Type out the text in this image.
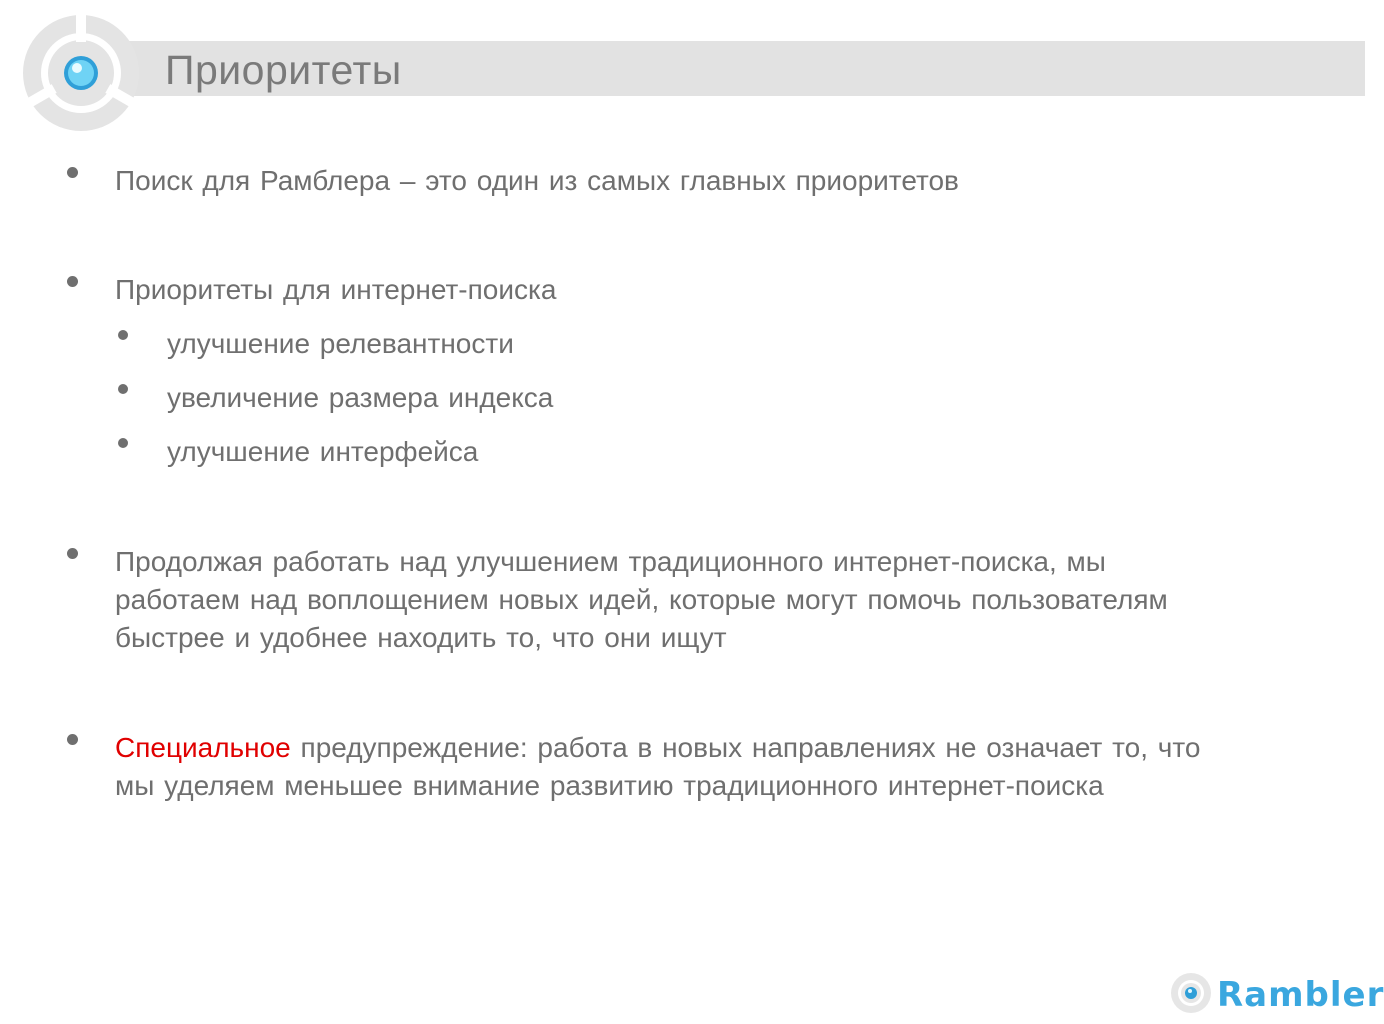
Приоритеты
Поиск для Рамблера – это один из самых главных приоритетов
Приоритеты для интернет-поиска
улучшение релевантности
увеличение размера индекса
улучшение интерфейса
Продолжая работать над улучшением традиционного интернет-поиска, мы
работаем над воплощением новых идей, которые могут помочь пользователям
быстрее и удобнее находить то, что они ищут
Специальное предупреждение: работа в новых направлениях не означает то, что
мы уделяем меньшее внимание развитию традиционного интернет-поиска
Rambler
